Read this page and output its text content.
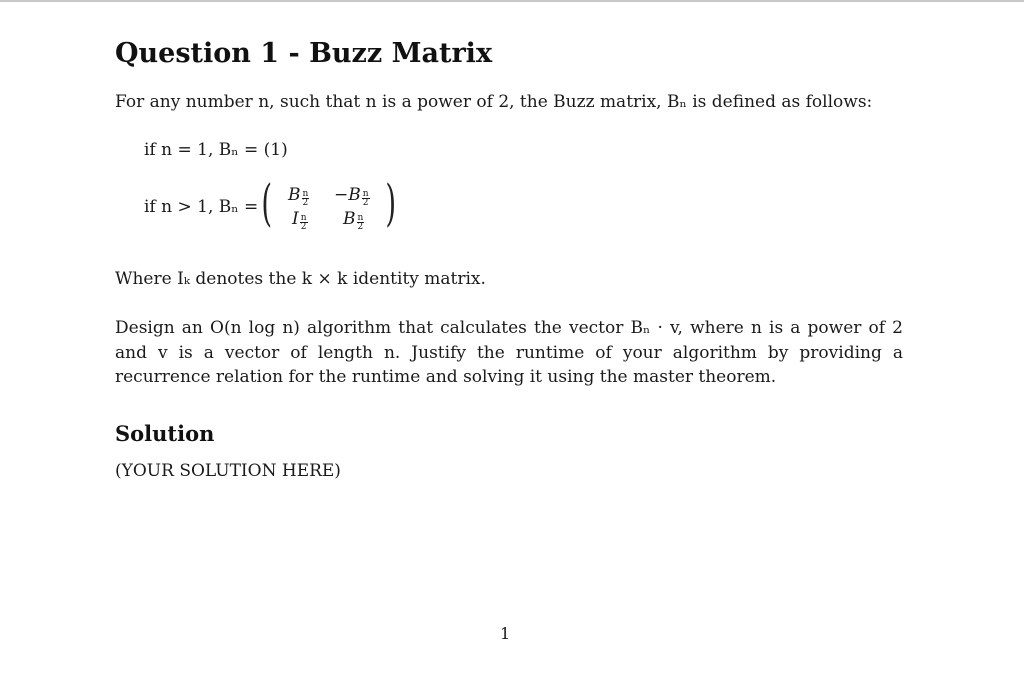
Question 1 - Buzz Matrix
For any number n, such that n is a power of 2, the Buzz matrix, Bₙ is defined as follows:
if n = 1, Bₙ = (1)
if n > 1, Bₙ = ( )
B $\frac{n}{2} -B \frac{n}{2}$
I $\frac{n}{2}$ B $\frac{n}{2}$
Where Iₖ denotes the k × k identity matrix.
Design an O(n log n) algorithm that calculates the vector Bₙ · v, where n is a power of 2 and v is a vector of length n. Justify the runtime of your algorithm by providing a recurrence relation for the runtime and solving it using the master theorem.
Solution
(YOUR SOLUTION HERE)
1
